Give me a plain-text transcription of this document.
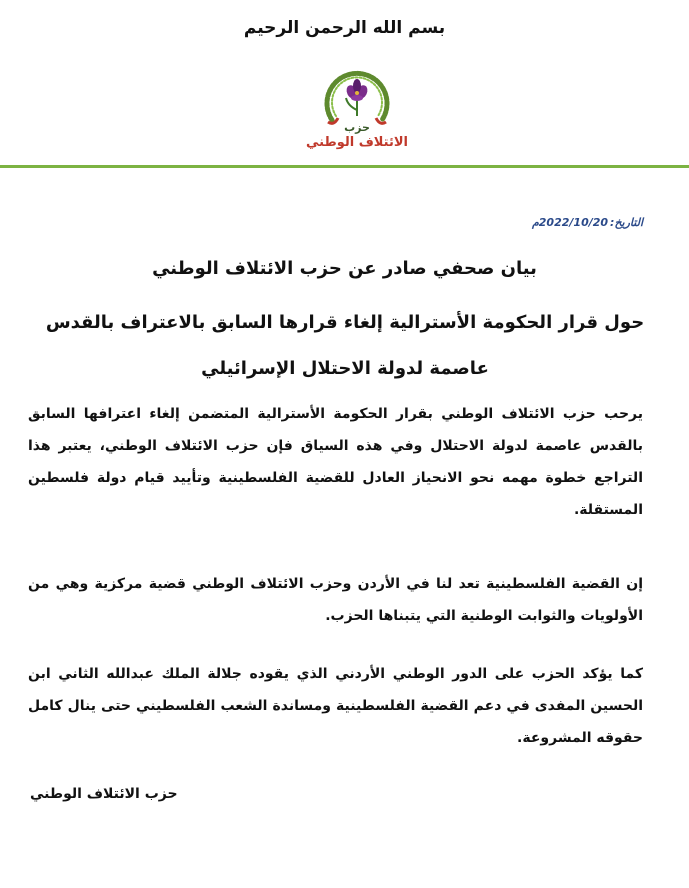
بسم الله الرحمن الرحيم
حزب
الائتلاف الوطني
التاريخ:2022/10/20م
بيان صحفي صادر عن حزب الائتلاف الوطني
حول قرار الحكومة الأسترالية إلغاء قرارها السابق بالاعتراف بالقدس عاصمة لدولة الاحتلال الإسرائيلي
يرحب حزب الائتلاف الوطني بقرار الحكومة الأسترالية المتضمن إلغاء اعترافها السابق بالقدس عاصمة لدولة الاحتلال وفي هذه السياق فإن حزب الائتلاف الوطني، يعتبر هذا التراجع خطوة مهمه نحو الانحياز العادل للقضية الفلسطينية وتأييد قيام دولة فلسطين المستقلة.
إن القضية الفلسطينية تعد لنا في الأردن وحزب الائتلاف الوطني قضية مركزية وهي من الأولويات والثوابت الوطنية التي يتبناها الحزب.
كما يؤكد الحزب على الدور الوطني الأردني الذي يقوده جلالة الملك عبدالله الثاني ابن الحسين المفدى في دعم القضية الفلسطينية ومساندة الشعب الفلسطيني حتى ينال كامل حقوقه المشروعة.
حزب الائتلاف الوطني
